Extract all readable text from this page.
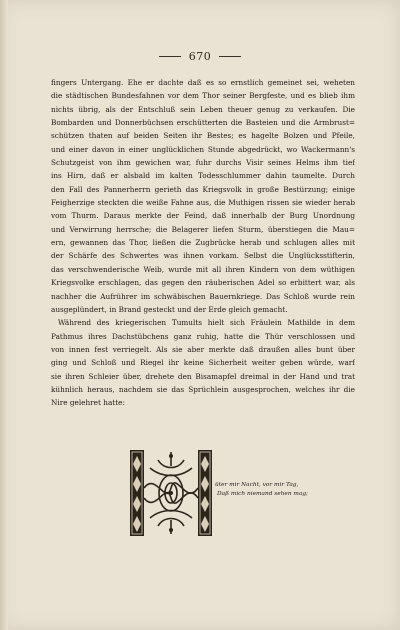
670
fingers Untergang. Ehe er dachte daß es so ernstlich gemeinet sei, weheten
die städtischen Bundesfahnen vor dem Thor seiner Bergfeste, und es blieb ihm
nichts übrig, als der Entschluß sein Leben theuer genug zu verkaufen. Die
Bombarden und Donnerbüchsen erschütterten die Basteien und die Armbrust=
schützen thaten auf beiden Seiten ihr Bestes; es hagelte Bolzen und Pfeile,
und einer davon in einer unglücklichen Stunde abgedrückt, wo Wackermann's
Schutzgeist von ihm gewichen war, fuhr durchs Visir seines Helms ihm tief
ins Hirn, daß er alsbald im kalten Todesschlummer dahin taumelte. Durch
den Fall des Pannerherrn gerieth das Kriegsvolk in große Bestürzung; einige
Feigherzige steckten die weiße Fahne aus, die Muthigen rissen sie wieder herab
vom Thurm. Daraus merkte der Feind, daß innerhalb der Burg Unordnung
und Verwirrung herrsche; die Belagerer liefen Sturm, überstiegen die Mau=
ern, gewannen das Thor, ließen die Zugbrücke herab und schlugen alles mit
der Schärfe des Schwertes was ihnen vorkam. Selbst die Unglücksstifterin,
das verschwenderische Weib, wurde mit all ihren Kindern von dem wüthigen
Kriegsvolke erschlagen, das gegen den räuberischen Adel so erbittert war, als
nachher die Aufrührer im schwäbischen Bauernkriege. Das Schloß wurde rein
ausgeplündert, in Brand gesteckt und der Erde gleich gemacht.
Während des kriegerischen Tumults hielt sich Fräulein Mathilde in dem
Pathmus ihres Dachstübchens ganz ruhig, hatte die Thür verschlossen und
von innen fest verriegelt. Als sie aber merkte daß draußen alles bunt über
ging und Schloß und Riegel ihr keine Sicherheit weiter geben würde, warf
sie ihren Schleier über, drehete den Bisamapfel dreimal in der Hand und trat
kühnlich heraus, nachdem sie das Sprüchlein ausgesprochen, welches ihr die
Nire gelehret hatte:
üter mir Nacht, vor mir Tag,
Daß mich niemand sehen mag;
